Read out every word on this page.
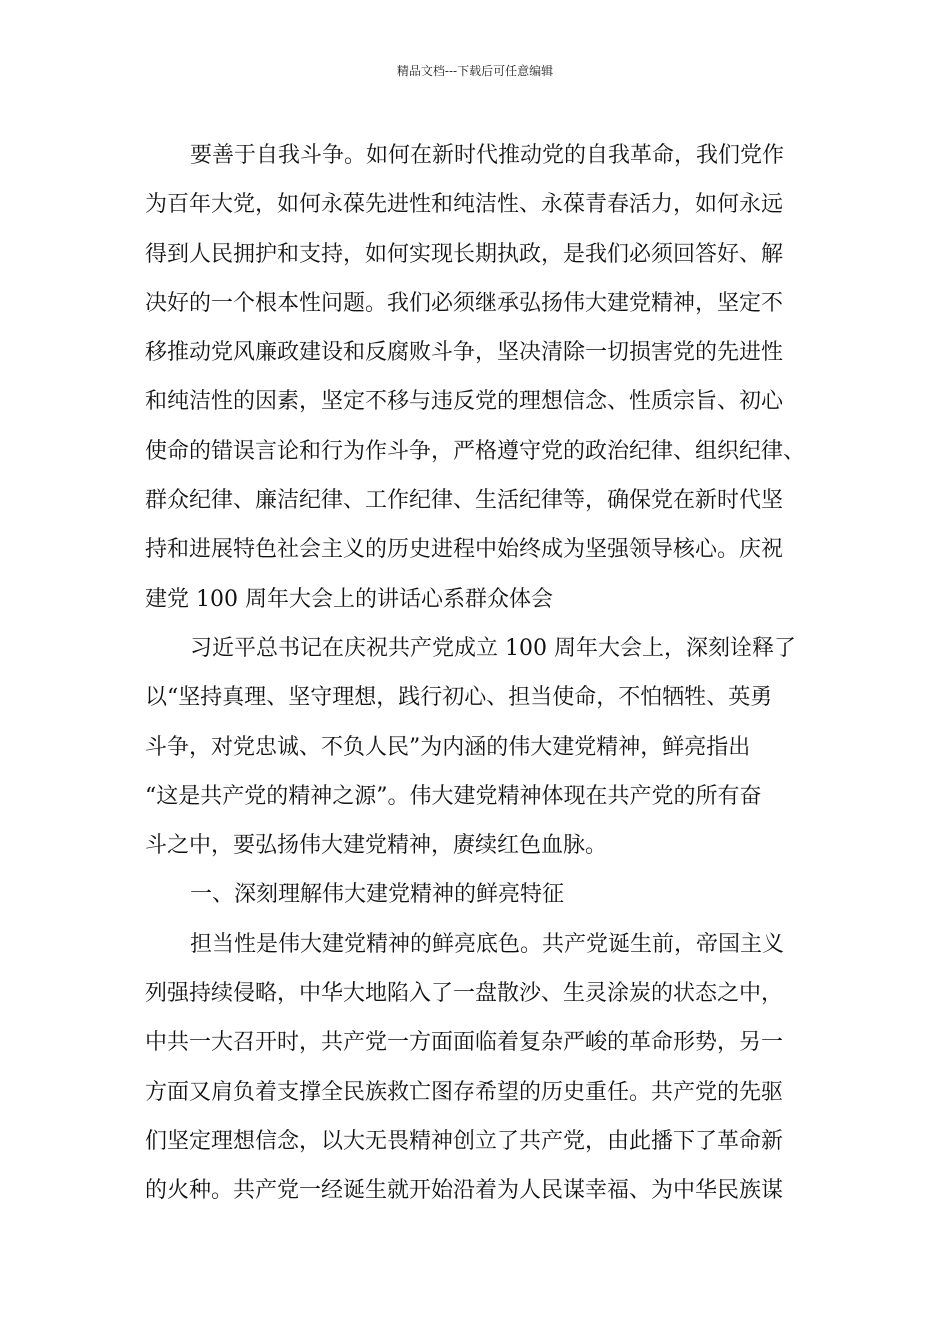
精品文档---下载后可任意编辑
要善于自我斗争。如何在新时代推动党的自我革命，我们党作
为百年大党，如何永葆先进性和纯洁性、永葆青春活力，如何永远
得到人民拥护和支持，如何实现长期执政，是我们必须回答好、解
决好的一个根本性问题。我们必须继承弘扬伟大建党精神，坚定不
移推动党风廉政建设和反腐败斗争，坚决清除一切损害党的先进性
和纯洁性的因素，坚定不移与违反党的理想信念、性质宗旨、初心
使命的错误言论和行为作斗争，严格遵守党的政治纪律、组织纪律、
群众纪律、廉洁纪律、工作纪律、生活纪律等，确保党在新时代坚
持和进展特色社会主义的历史进程中始终成为坚强领导核心。庆祝
建党 100 周年大会上的讲话心系群众体会
习近平总书记在庆祝共产党成立 100 周年大会上，深刻诠释了
以“坚持真理、坚守理想，践行初心、担当使命，不怕牺牲、英勇
斗争，对党忠诚、不负人民”为内涵的伟大建党精神，鲜亮指出
“这是共产党的精神之源”。伟大建党精神体现在共产党的所有奋
斗之中，要弘扬伟大建党精神，赓续红色血脉。
一、深刻理解伟大建党精神的鲜亮特征
担当性是伟大建党精神的鲜亮底色。共产党诞生前，帝国主义
列强持续侵略，中华大地陷入了一盘散沙、生灵涂炭的状态之中，
中共一大召开时，共产党一方面面临着复杂严峻的革命形势，另一
方面又肩负着支撑全民族救亡图存希望的历史重任。共产党的先驱
们坚定理想信念，以大无畏精神创立了共产党，由此播下了革命新
的火种。共产党一经诞生就开始沿着为人民谋幸福、为中华民族谋
